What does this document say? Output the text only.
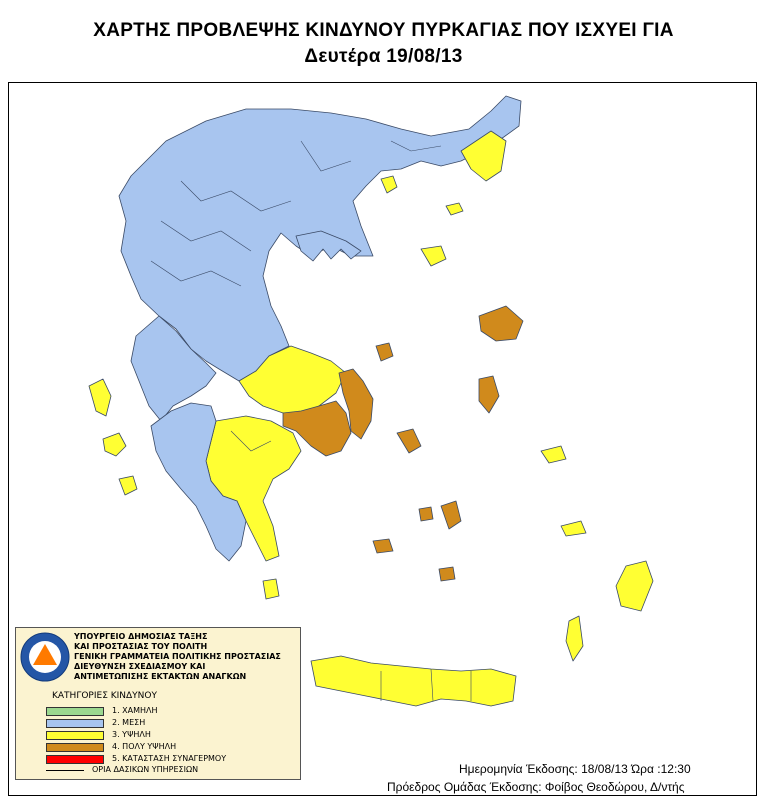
ΧΑΡΤΗΣ ΠΡΟΒΛΕΨΗΣ ΚΙΝΔΥΝΟΥ ΠΥΡΚΑΓΙΑΣ ΠΟΥ ΙΣΧΥΕΙ ΓΙΑ
Δευτέρα 19/08/13
ΥΠΟΥΡΓΕΙΟ ΔΗΜΟΣΙΑΣ ΤΑΞΗΣ
ΚΑΙ ΠΡΟΣΤΑΣΙΑΣ ΤΟΥ ΠΟΛΙΤΗ
ΓΕΝΙΚΗ ΓΡΑΜΜΑΤΕΙΑ ΠΟΛΙΤΙΚΗΣ ΠΡΟΣΤΑΣΙΑΣ
ΔΙΕΥΘΥΝΣΗ ΣΧΕΔΙΑΣΜΟΥ ΚΑΙ
ΑΝΤΙΜΕΤΩΠΙΣΗΣ ΕΚΤΑΚΤΩΝ ΑΝΑΓΚΩΝ
ΚΑΤΗΓΟΡΙΕΣ ΚΙΝΔΥΝΟΥ
1. ΧΑΜΗΛΗ
2. ΜΕΣΗ
3. ΥΨΗΛΗ
4. ΠΟΛΥ ΥΨΗΛΗ
5. ΚΑΤΑΣΤΑΣΗ ΣΥΝΑΓΕΡΜΟΥ
ΟΡΙΑ ΔΑΣΙΚΩΝ ΥΠΗΡΕΣΙΩΝ	Ημερομηνία Έκδοσης: 18/08/13 Ώρα :12:30
Πρόεδρος Ομάδας Έκδοσης: Φοίβος Θεοδώρου, Δ/ντής
